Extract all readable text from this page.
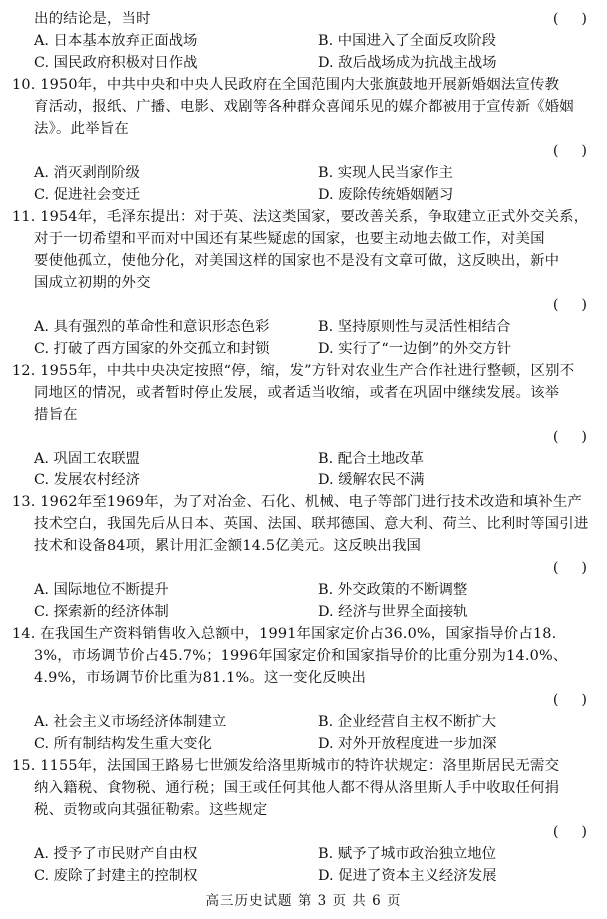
出的结论是，当时	(     )
A. 日本基本放弃正面战场	B. 中国进入了全面反攻阶段
C. 国民政府积极对日作战	D. 敌后战场成为抗战主战场
10. 1950年，中共中央和中央人民政府在全国范围内大张旗鼓地开展新婚姻法宣传教
育活动，报纸、广播、电影、戏剧等各种群众喜闻乐见的媒介都被用于宣传新《婚姻
法》。此举旨在
(     )
A. 消灭剥削阶级	B. 实现人民当家作主
C. 促进社会变迁	D. 废除传统婚姻陋习
11. 1954年，毛泽东提出：对于英、法这类国家，要改善关系，争取建立正式外交关系，
对于一切希望和平而对中国还有某些疑虑的国家，也要主动地去做工作，对美国
要使他孤立，使他分化，对美国这样的国家也不是没有文章可做，这反映出，新中
国成立初期的外交
(     )
A. 具有强烈的革命性和意识形态色彩	B. 坚持原则性与灵活性相结合
C. 打破了西方国家的外交孤立和封锁	D. 实行了“一边倒”的外交方针
12. 1955年，中共中央决定按照“停，缩，发”方针对农业生产合作社进行整顿，区别不
同地区的情况，或者暂时停止发展，或者适当收缩，或者在巩固中继续发展。该举
措旨在
(     )
A. 巩固工农联盟	B. 配合土地改革
C. 发展农村经济	D. 缓解农民不满
13. 1962年至1969年，为了对冶金、石化、机械、电子等部门进行技术改造和填补生产
技术空白，我国先后从日本、英国、法国、联邦德国、意大利、荷兰、比利时等国引进
技术和设备84项，累计用汇金额14.5亿美元。这反映出我国
(     )
A. 国际地位不断提升	B. 外交政策的不断调整
C. 探索新的经济体制	D. 经济与世界全面接轨
14. 在我国生产资料销售收入总额中，1991年国家定价占36.0%，国家指导价占18.
3%，市场调节价占45.7%；1996年国家定价和国家指导价的比重分别为14.0%、
4.9%，市场调节价比重为81.1%。这一变化反映出
(     )
A. 社会主义市场经济体制建立	B. 企业经营自主权不断扩大
C. 所有制结构发生重大变化	D. 对外开放程度进一步加深
15. 1155年，法国国王路易七世颁发给洛里斯城市的特许状规定：洛里斯居民无需交
纳入籍税、食物税、通行税；国王或任何其他人都不得从洛里斯人手中收取任何捐
税、贡物或向其强征勒索。这些规定
(     )
A. 授予了市民财产自由权	B. 赋予了城市政治独立地位
C. 废除了封建主的控制权	D. 促进了资本主义经济发展
高三历史试题 第 3 页 共 6 页
